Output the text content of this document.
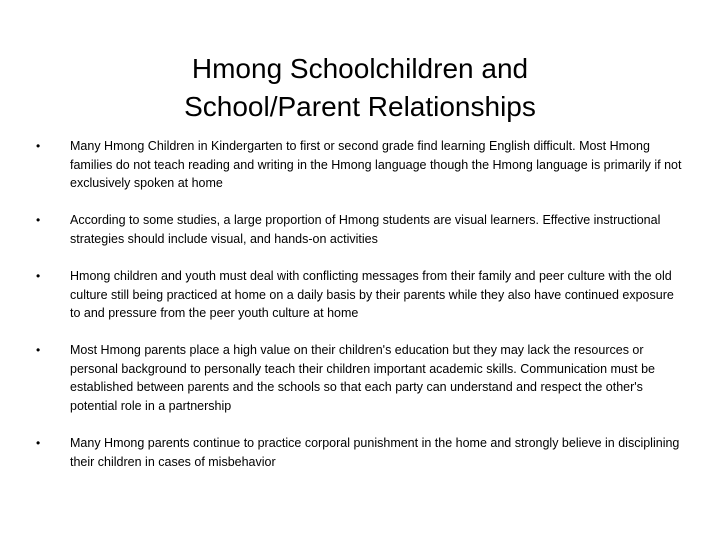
Hmong Schoolchildren and
School/Parent Relationships
• Many Hmong Children in Kindergarten to first or second grade find learning English difficult. Most Hmong families do not teach reading and writing in the Hmong language though the Hmong language is primarily if not exclusively spoken at home
• According to some studies, a large proportion of Hmong students are visual learners. Effective instructional strategies should include visual, and hands-on activities
• Hmong children and youth must deal with conflicting messages from their family and peer culture with the old culture still being practiced at home on a daily basis by their parents while they also have continued exposure to and pressure from the peer youth culture at home
• Most Hmong parents place a high value on their children's education but they may lack the resources or personal background to personally teach their children important academic skills. Communication must be established between parents and the schools so that each party can understand and respect the other's potential role in a partnership
• Many Hmong parents continue to practice corporal punishment in the home and strongly believe in disciplining their children in cases of misbehavior
